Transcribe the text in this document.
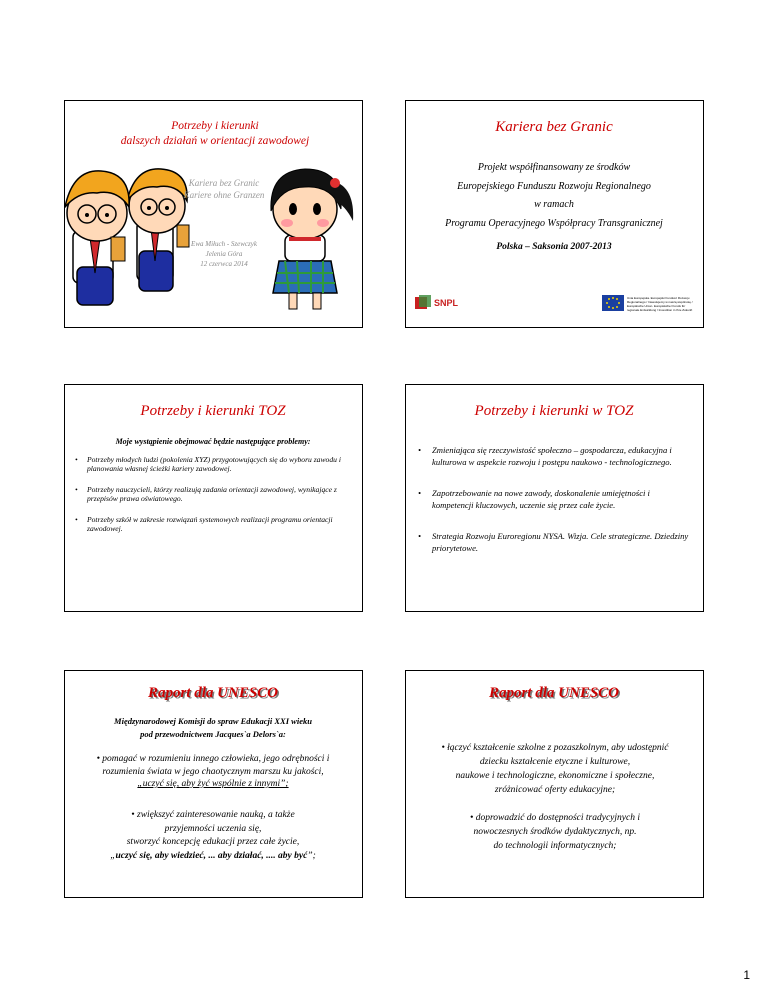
Potrzeby i kierunki
dalszych działań w orientacji zawodowej
Kariera bez Granic
Kariere ohne Granzen
Ewa Miłuch - Szewczyk
Jelenia Góra
12 czerwca 2014
Kariera bez Granic
Projekt współfinansowany ze środków
Europejskiego Funduszu Rozwoju Regionalnego
w ramach
Programu Operacyjnego Współpracy Transgranicznej
Polska – Saksonia 2007-2013
SNPL	Unia Europejska. Europejski Fundusz Rozwoju
Regionalnego / Inwestujemy w naszą wspólnotę /
Europäische Union. Europäischer Fonds für
regionale Entwicklung / Investition in Ihre Zukunft
Potrzeby i kierunki TOZ
Moje wystąpienie obejmować będzie następujące problemy:
• Potrzeby młodych ludzi (pokolenia XYZ) przygotowujących się do wyboru zawodu i planowania własnej ścieżki kariery zawodowej.
• Potrzeby nauczycieli, którzy realizują zadania orientacji zawodowej, wynikające z przepisów prawa oświatowego.
• Potrzeby szkół w zakresie rozwiązań systemowych realizacji programu orientacji zawodowej.
Potrzeby i kierunki w TOZ
• Zmieniająca się rzeczywistość społeczno – gospodarcza, edukacyjna i kulturowa w aspekcie rozwoju i postępu naukowo - technologicznego.
• Zapotrzebowanie na nowe zawody, doskonalenie umiejętności i kompetencji kluczowych, uczenie się przez całe życie.
• Strategia Rozwoju Euroregionu NYSA. Wizja. Cele strategiczne. Dziedziny priorytetowe.
Raport dla UNESCO
Międzynarodowej Komisji do spraw Edukacji XXI wieku
pod przewodnictwem Jacques`a Delors`a:
• pomagać w rozumieniu innego człowieka, jego odrębności i
rozumienia świata w jego chaotycznym marszu ku jakości,
„uczyć się, aby żyć wspólnie z innymi”;
• zwiększyć zainteresowanie nauką, a także
przyjemności uczenia się,
stworzyć koncepcję edukacji przez całe życie,
„uczyć się, aby wiedzieć, ... aby działać, .... aby być”;
Raport dla UNESCO
• łączyć kształcenie szkolne z pozaszkolnym, aby udostępnić
dziecku kształcenie etyczne i kulturowe,
naukowe i technologiczne, ekonomiczne i społeczne,
zróżnicować oferty edukacyjne;
• doprowadzić do dostępności tradycyjnych i
nowoczesnych środków dydaktycznych, np.
do technologii informatycznych;
1
